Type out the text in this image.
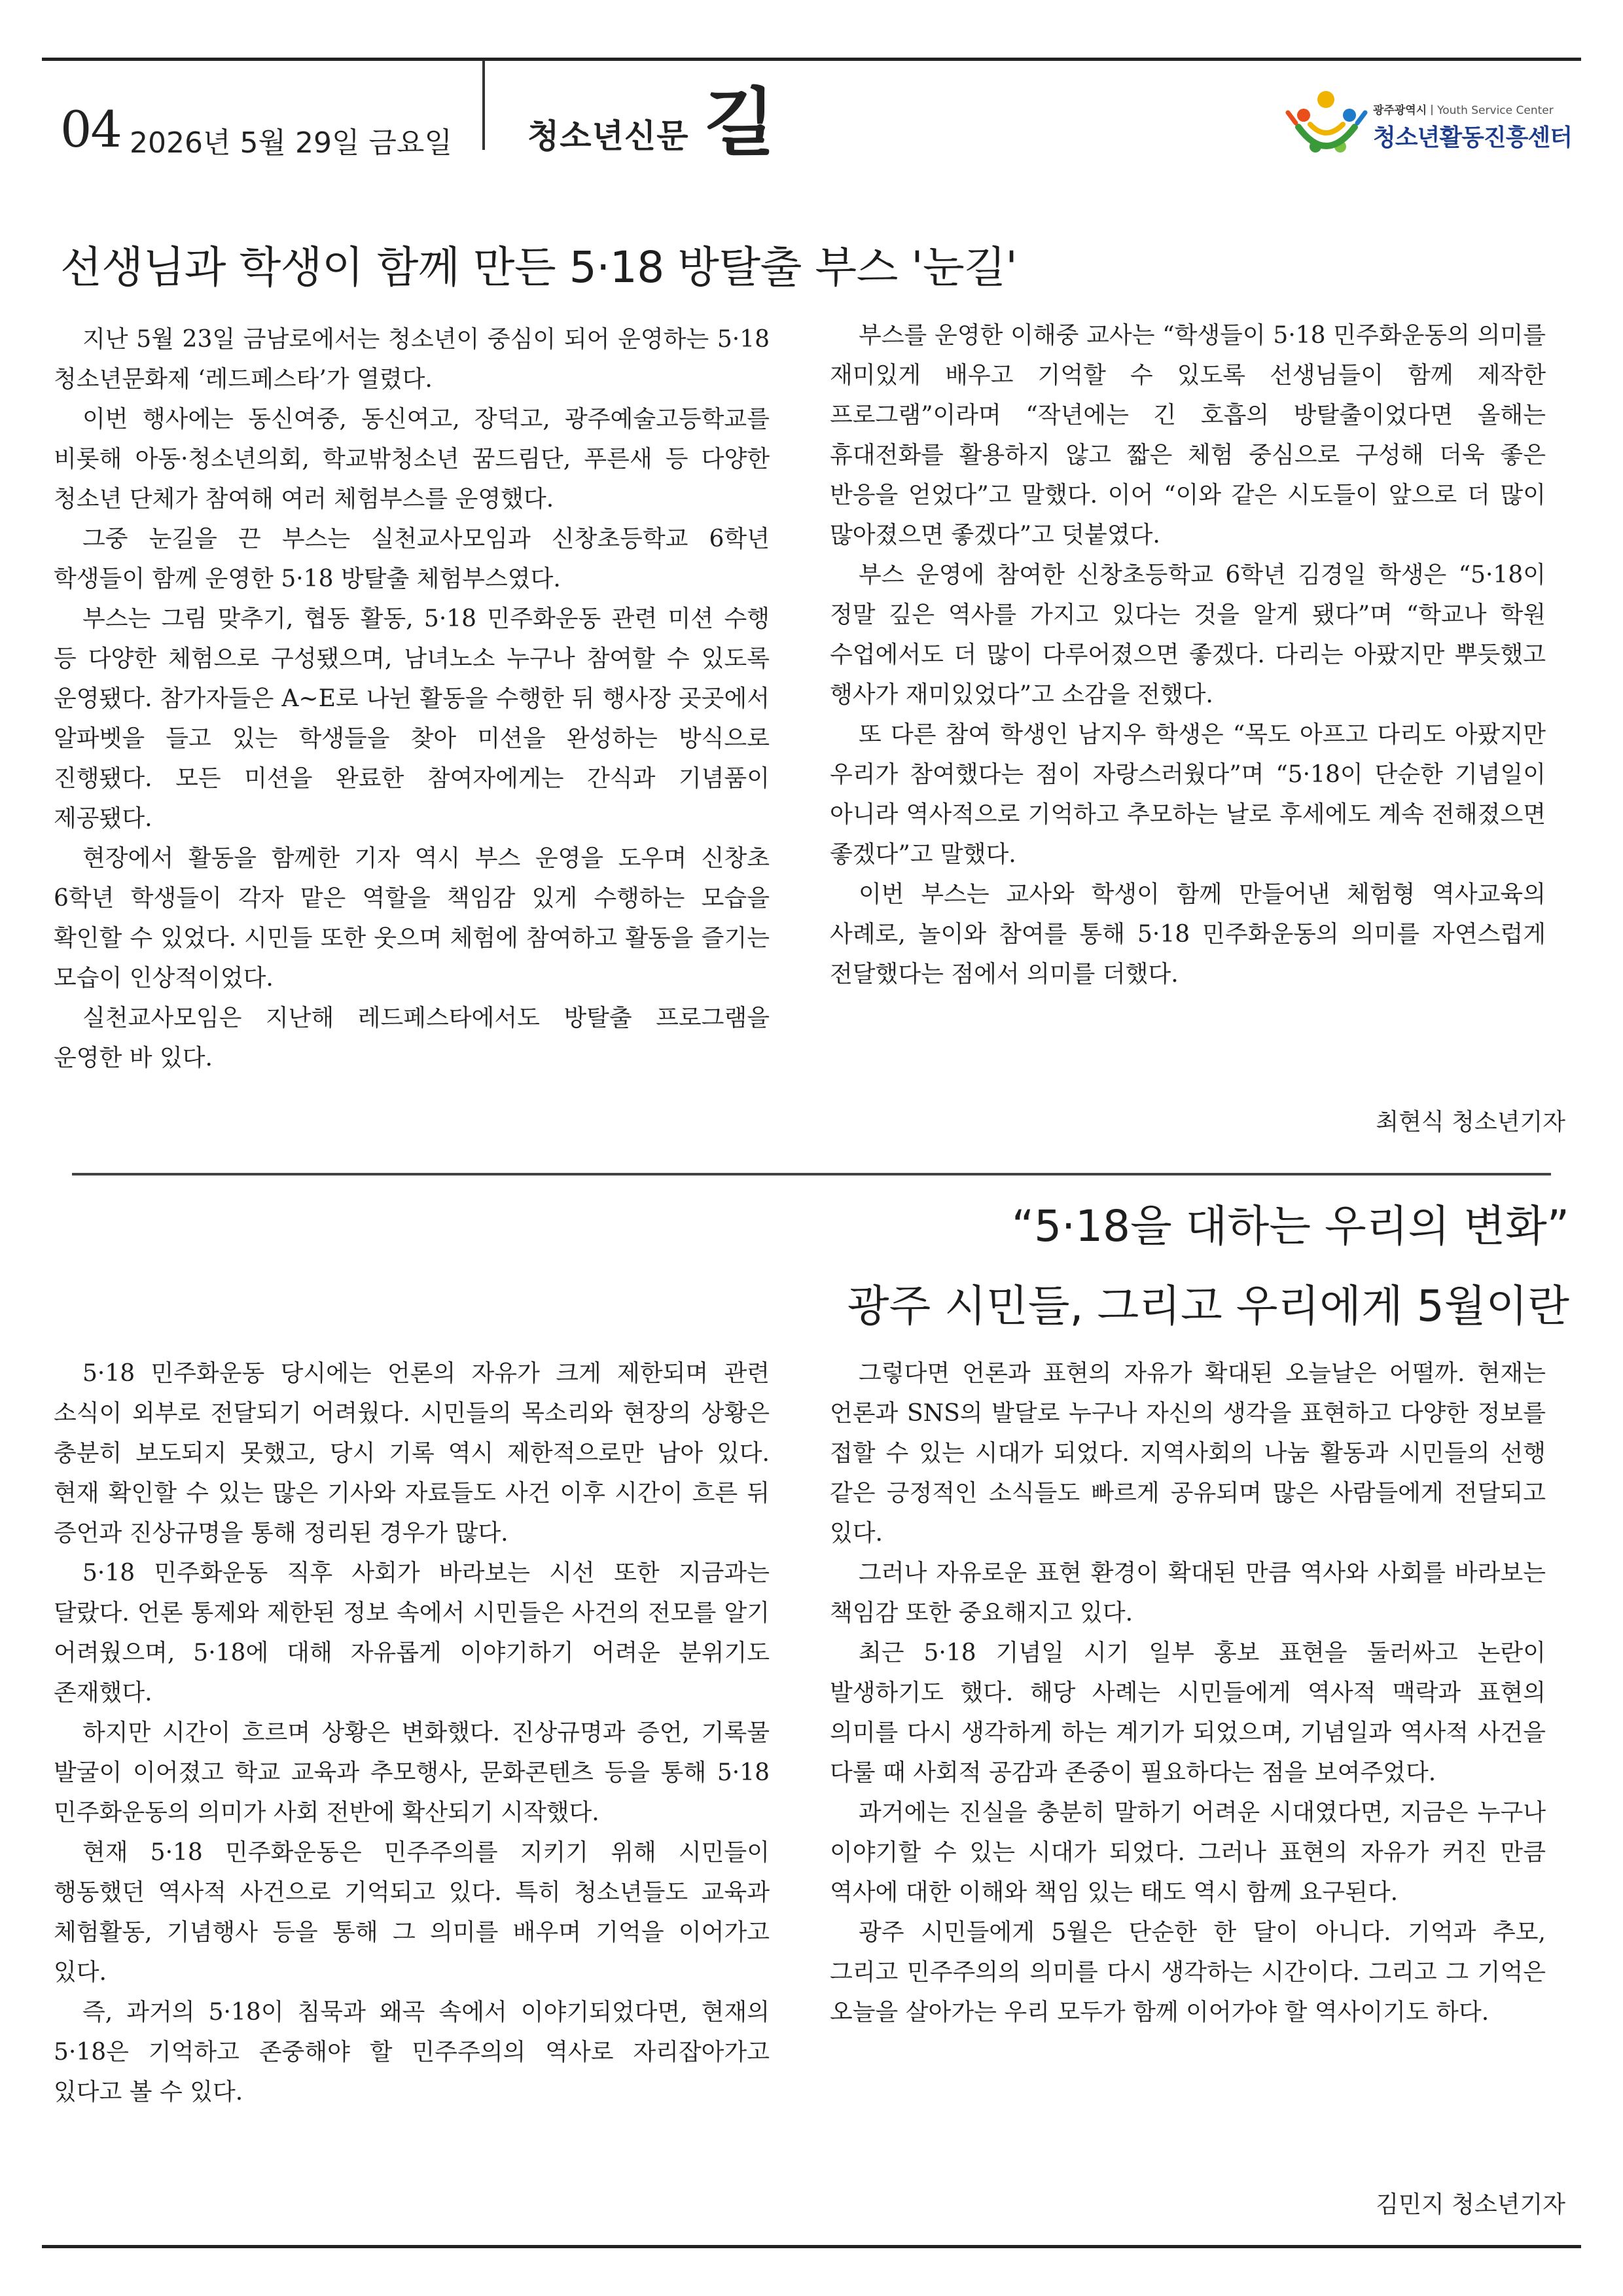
04 2026년 5월 29일 금요일 청소년신문 길	광주광역시 Youth Service Center
청소년활동진흥센터
선생님과 학생이 함께 만든 5·18 방탈출 부스 '눈길'

지난 5월 23일 금남로에서는 청소년이 중심이 되어 운영하는 5·18 청소년문화제 ‘레드페스타’가 열렸다.

이번 행사에는 동신여중, 동신여고, 장덕고, 광주예술고등학교를 비롯해 아동·청소년의회, 학교밖청소년 꿈드림단, 푸른새 등 다양한 청소년 단체가 참여해 여러 체험부스를 운영했다.

그중 눈길을 끈 부스는 실천교사모임과 신창초등학교 6학년 학생들이 함께 운영한 5·18 방탈출 체험부스였다.

부스는 그림 맞추기, 협동 활동, 5·18 민주화운동 관련 미션 수행 등 다양한 체험으로 구성됐으며, 남녀노소 누구나 참여할 수 있도록 운영됐다. 참가자들은 A~E로 나뉜 활동을 수행한 뒤 행사장 곳곳에서 알파벳을 들고 있는 학생들을 찾아 미션을 완성하는 방식으로 진행됐다. 모든 미션을 완료한 참여자에게는 간식과 기념품이 제공됐다.

현장에서 활동을 함께한 기자 역시 부스 운영을 도우며 신창초 6학년 학생들이 각자 맡은 역할을 책임감 있게 수행하는 모습을 확인할 수 있었다. 시민들 또한 웃으며 체험에 참여하고 활동을 즐기는 모습이 인상적이었다.

실천교사모임은 지난해 레드페스타에서도 방탈출 프로그램을 운영한 바 있다.

부스를 운영한 이해중 교사는 “학생들이 5·18 민주화운동의 의미를 재미있게 배우고 기억할 수 있도록 선생님들이 함께 제작한 프로그램”이라며 “작년에는 긴 호흡의 방탈출이었다면 올해는 휴대전화를 활용하지 않고 짧은 체험 중심으로 구성해 더욱 좋은 반응을 얻었다”고 말했다. 이어 “이와 같은 시도들이 앞으로 더 많이 많아졌으면 좋겠다”고 덧붙였다.

부스 운영에 참여한 신창초등학교 6학년 김경일 학생은 “5·18이 정말 깊은 역사를 가지고 있다는 것을 알게 됐다”며 “학교나 학원 수업에서도 더 많이 다루어졌으면 좋겠다. 다리는 아팠지만 뿌듯했고 행사가 재미있었다”고 소감을 전했다.

또 다른 참여 학생인 남지우 학생은 “목도 아프고 다리도 아팠지만 우리가 참여했다는 점이 자랑스러웠다”며 “5·18이 단순한 기념일이 아니라 역사적으로 기억하고 추모하는 날로 후세에도 계속 전해졌으면 좋겠다”고 말했다.

이번 부스는 교사와 학생이 함께 만들어낸 체험형 역사교육의 사례로, 놀이와 참여를 통해 5·18 민주화운동의 의미를 자연스럽게 전달했다는 점에서 의미를 더했다.

최현식 청소년기자
“5·18을 대하는 우리의 변화”
광주 시민들, 그리고 우리에게 5월이란

5·18 민주화운동 당시에는 언론의 자유가 크게 제한되며 관련 소식이 외부로 전달되기 어려웠다. 시민들의 목소리와 현장의 상황은 충분히 보도되지 못했고, 당시 기록 역시 제한적으로만 남아 있다. 현재 확인할 수 있는 많은 기사와 자료들도 사건 이후 시간이 흐른 뒤 증언과 진상규명을 통해 정리된 경우가 많다.

5·18 민주화운동 직후 사회가 바라보는 시선 또한 지금과는 달랐다. 언론 통제와 제한된 정보 속에서 시민들은 사건의 전모를 알기 어려웠으며, 5·18에 대해 자유롭게 이야기하기 어려운 분위기도 존재했다.

하지만 시간이 흐르며 상황은 변화했다. 진상규명과 증언, 기록물 발굴이 이어졌고 학교 교육과 추모행사, 문화콘텐츠 등을 통해 5·18 민주화운동의 의미가 사회 전반에 확산되기 시작했다.

현재 5·18 민주화운동은 민주주의를 지키기 위해 시민들이 행동했던 역사적 사건으로 기억되고 있다. 특히 청소년들도 교육과 체험활동, 기념행사 등을 통해 그 의미를 배우며 기억을 이어가고 있다.

즉, 과거의 5·18이 침묵과 왜곡 속에서 이야기되었다면, 현재의 5·18은 기억하고 존중해야 할 민주주의의 역사로 자리잡아가고 있다고 볼 수 있다.

그렇다면 언론과 표현의 자유가 확대된 오늘날은 어떨까. 현재는 언론과 SNS의 발달로 누구나 자신의 생각을 표현하고 다양한 정보를 접할 수 있는 시대가 되었다. 지역사회의 나눔 활동과 시민들의 선행 같은 긍정적인 소식들도 빠르게 공유되며 많은 사람들에게 전달되고 있다.

그러나 자유로운 표현 환경이 확대된 만큼 역사와 사회를 바라보는 책임감 또한 중요해지고 있다.

최근 5·18 기념일 시기 일부 홍보 표현을 둘러싸고 논란이 발생하기도 했다. 해당 사례는 시민들에게 역사적 맥락과 표현의 의미를 다시 생각하게 하는 계기가 되었으며, 기념일과 역사적 사건을 다룰 때 사회적 공감과 존중이 필요하다는 점을 보여주었다.

과거에는 진실을 충분히 말하기 어려운 시대였다면, 지금은 누구나 이야기할 수 있는 시대가 되었다. 그러나 표현의 자유가 커진 만큼 역사에 대한 이해와 책임 있는 태도 역시 함께 요구된다.

광주 시민들에게 5월은 단순한 한 달이 아니다. 기억과 추모, 그리고 민주주의의 의미를 다시 생각하는 시간이다. 그리고 그 기억은 오늘을 살아가는 우리 모두가 함께 이어가야 할 역사이기도 하다.

김민지 청소년기자
